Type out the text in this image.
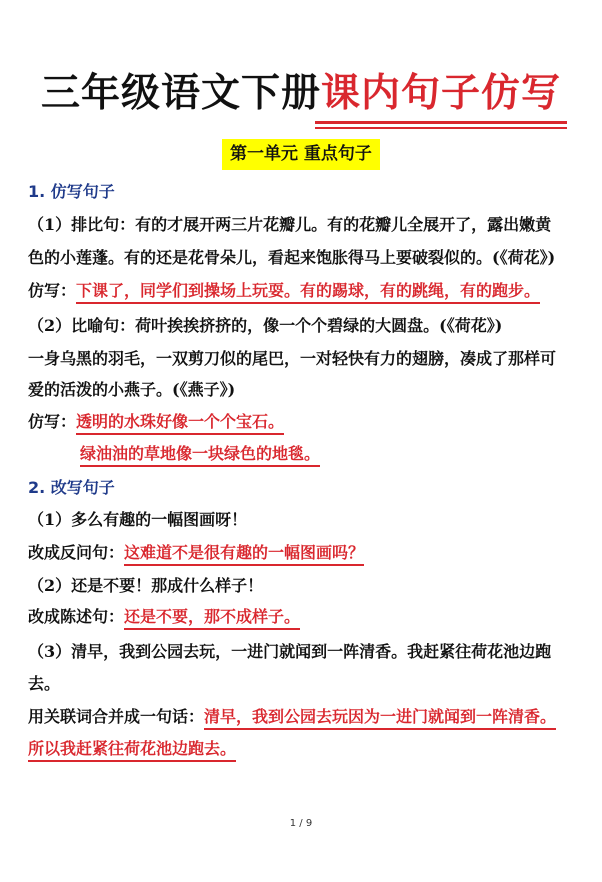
三年级语文下册课内句子仿写
第一单元 重点句子
1. 仿写句子
（1）排比句：有的才展开两三片花瓣儿。有的花瓣儿全展开了，露出嫩黄
色的小莲蓬。有的还是花骨朵儿，看起来饱胀得马上要破裂似的。(《荷花》)
仿写：下课了，同学们到操场上玩耍。有的踢球，有的跳绳，有的跑步。
（2）比喻句：荷叶挨挨挤挤的，像一个个碧绿的大圆盘。(《荷花》)
一身乌黑的羽毛，一双剪刀似的尾巴，一对轻快有力的翅膀，凑成了那样可
爱的活泼的小燕子。(《燕子》)
仿写：透明的水珠好像一个个宝石。
绿油油的草地像一块绿色的地毯。
2. 改写句子
（1）多么有趣的一幅图画呀！
改成反问句：这难道不是很有趣的一幅图画吗？
（2）还是不要！那成什么样子！
改成陈述句：还是不要，那不成样子。
（3）清早，我到公园去玩，一进门就闻到一阵清香。我赶紧往荷花池边跑
去。
用关联词合并成一句话：清早，我到公园去玩因为一进门就闻到一阵清香。
所以我赶紧往荷花池边跑去。
1 / 9
